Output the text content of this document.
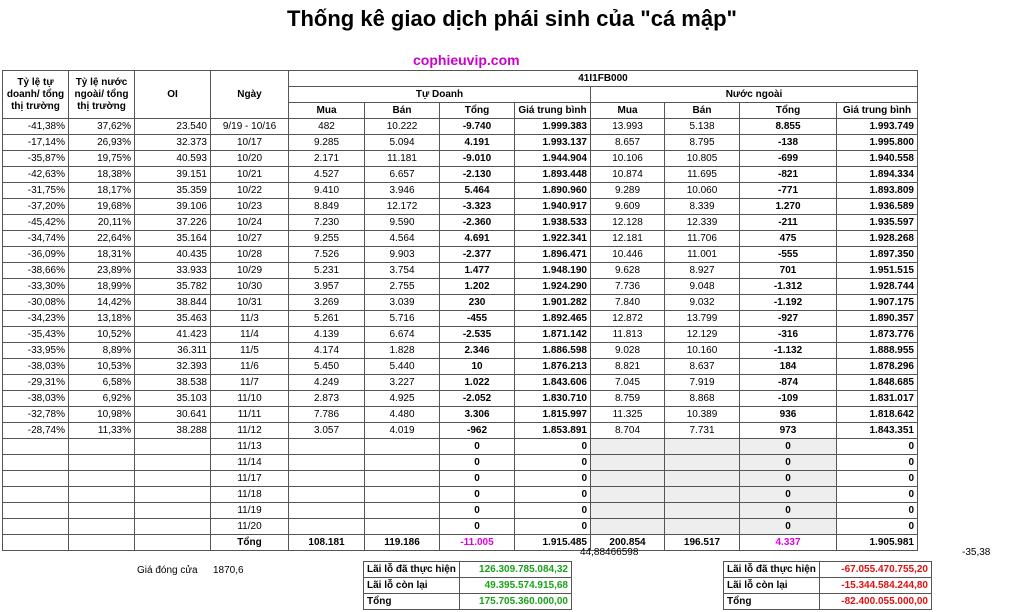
Thống kê giao dịch phái sinh của "cá mập"
cophieuvip.com
Tỷ lệ tự doanh/ tổng thị trường	Tỷ lệ nước ngoài/ tổng thị trường	OI	Ngày	41I1FB000							
				Tự Doanh				Nước ngoài			
				Mua	Bán	Tổng	Giá trung bình	Mua	Bán	Tổng	Giá trung bình
-41,38%	37,62%	23.540	9/19 - 10/16	482	10.222	-9.740	1.999.383	13.993	5.138	8.855	1.993.749
-17,14%	26,93%	32.373	10/17	9.285	5.094	4.191	1.993.137	8.657	8.795	-138	1.995.800
-35,87%	19,75%	40.593	10/20	2.171	11.181	-9.010	1.944.904	10.106	10.805	-699	1.940.558
-42,63%	18,38%	39.151	10/21	4.527	6.657	-2.130	1.893.448	10.874	11.695	-821	1.894.334
-31,75%	18,17%	35.359	10/22	9.410	3.946	5.464	1.890.960	9.289	10.060	-771	1.893.809
-37,20%	19,68%	39.106	10/23	8.849	12.172	-3.323	1.940.917	9.609	8.339	1.270	1.936.589
-45,42%	20,11%	37.226	10/24	7.230	9.590	-2.360	1.938.533	12.128	12.339	-211	1.935.597
-34,74%	22,64%	35.164	10/27	9.255	4.564	4.691	1.922.341	12.181	11.706	475	1.928.268
-36,09%	18,31%	40.435	10/28	7.526	9.903	-2.377	1.896.471	10.446	11.001	-555	1.897.350
-38,66%	23,89%	33.933	10/29	5.231	3.754	1.477	1.948.190	9.628	8.927	701	1.951.515
-33,30%	18,99%	35.782	10/30	3.957	2.755	1.202	1.924.290	7.736	9.048	-1.312	1.928.744
-30,08%	14,42%	38.844	10/31	3.269	3.039	230	1.901.282	7.840	9.032	-1.192	1.907.175
-34,23%	13,18%	35.463	11/3	5.261	5.716	-455	1.892.465	12.872	13.799	-927	1.890.357
-35,43%	10,52%	41.423	11/4	4.139	6.674	-2.535	1.871.142	11.813	12.129	-316	1.873.776
-33,95%	8,89%	36.311	11/5	4.174	1.828	2.346	1.886.598	9.028	10.160	-1.132	1.888.955
-38,03%	10,53%	32.393	11/6	5.450	5.440	10	1.876.213	8.821	8.637	184	1.878.296
-29,31%	6,58%	38.538	11/7	4.249	3.227	1.022	1.843.606	7.045	7.919	-874	1.848.685
-38,03%	6,92%	35.103	11/10	2.873	4.925	-2.052	1.830.710	8.759	8.868	-109	1.831.017
-32,78%	10,98%	30.641	11/11	7.786	4.480	3.306	1.815.997	11.325	10.389	936	1.818.642
-28,74%	11,33%	38.288	11/12	3.057	4.019	-962	1.853.891	8.704	7.731	973	1.843.351
			11/13			0	0			0	0
			11/14			0	0			0	0
			11/17			0	0			0	0
			11/18			0	0			0	0
			11/19			0	0			0	0
			11/20			0	0			0	0
			Tổng	108.181	119.186	-11.005	1.915.485	200.854	196.517	4.337	1.905.981
44,88466598	-35,38
Giá đóng cửa 1870,6	Lãi lỗ đã thực hiện	126.309.785.084,32
Lãi lỗ còn lại	49.395.574.915,68
Tổng	175.705.360.000,00
Lãi lỗ đã thực hiện	-67.055.470.755,20
Lãi lỗ còn lại	-15.344.584.244,80
Tổng	-82.400.055.000,00
